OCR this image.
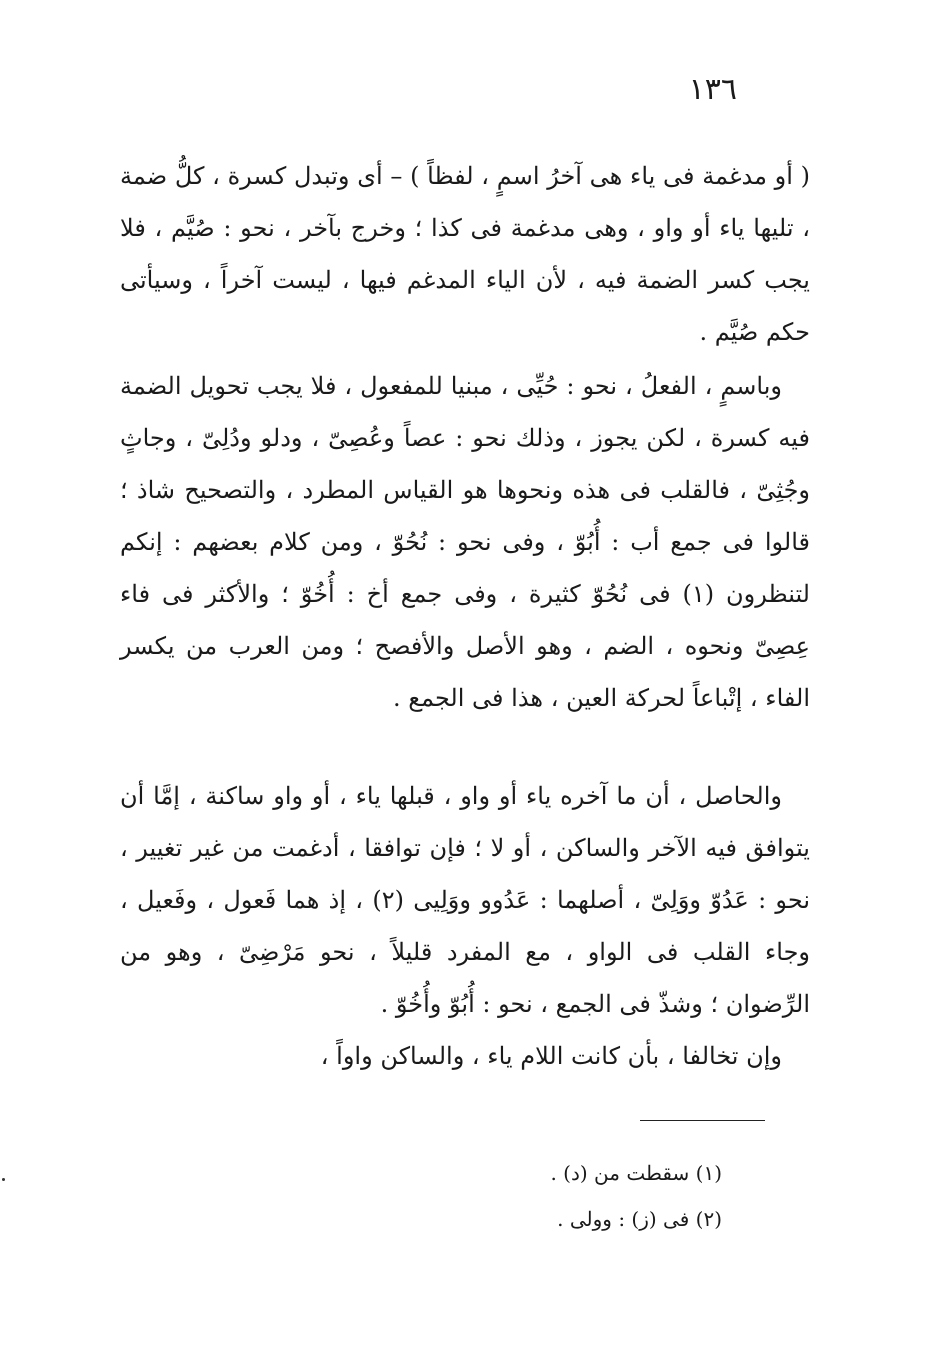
١٣٦

( أو مدغمة فى ياء هى آخرُ اسمٍ ، لفظاً ) – أى وتبدل كسرة ، كلُّ ضمة ، تليها ياء أو واو ، وهى مدغمة فى كذا ؛ وخرج بآخر ، نحو : صُيَّم ، فلا يجب كسر الضمة فيه ، لأن الياء المدغم فيها ، ليست آخراً ، وسيأتى حكم صُيَّم .

وباسمٍ ، الفعلُ ، نحو : حُيِّى ، مبنيا للمفعول ، فلا يجب تحويل الضمة فيه كسرة ، لكن يجوز ، وذلك نحو : عصاً وعُصِىّ ، ودلو ودُلِىّ ، وجاثٍ وجُثِىّ ، فالقلب فى هذه ونحوها هو القياس المطرد ، والتصحيح شاذ ؛ قالوا فى جمع أب : أُبُوّ ، وفى نحو : نُحُوّ ، ومن كلام بعضهم : إنكم لتنظرون (١) فى نُحُوّ كثيرة ، وفى جمع أخ : أُخُوّ ؛ والأكثر فى فاء عِصِىّ ونحوه ، الضم ، وهو الأصل والأفصح ؛ ومن العرب من يكسر الفاء ، إتْباعاً لحركة العين ، هذا فى الجمع .

والحاصل ، أن ما آخره ياء أو واو ، قبلها ياء ، أو واو ساكنة ، إمَّا أن يتوافق فيه الآخر والساكن ، أو لا ؛ فإن توافقا ، أدغمت من غير تغيير ، نحو : عَدُوّ ووَلِىّ ، أصلهما : عَدُوو ووَلِيى (٢) ، إذ هما فَعول ، وفَعيل ، وجاء القلب فى الواو ، مع المفرد قليلاً ، نحو مَرْضِىّ ، وهو من الرِّضوان ؛ وشذّ فى الجمع ، نحو : أُبُوّ وأُخُوّ .

وإن تخالفا ، بأن كانت اللام ياء ، والساكن واواً ،

(١) سقطت من (د) .
(٢) فى (ز) : وولى .
